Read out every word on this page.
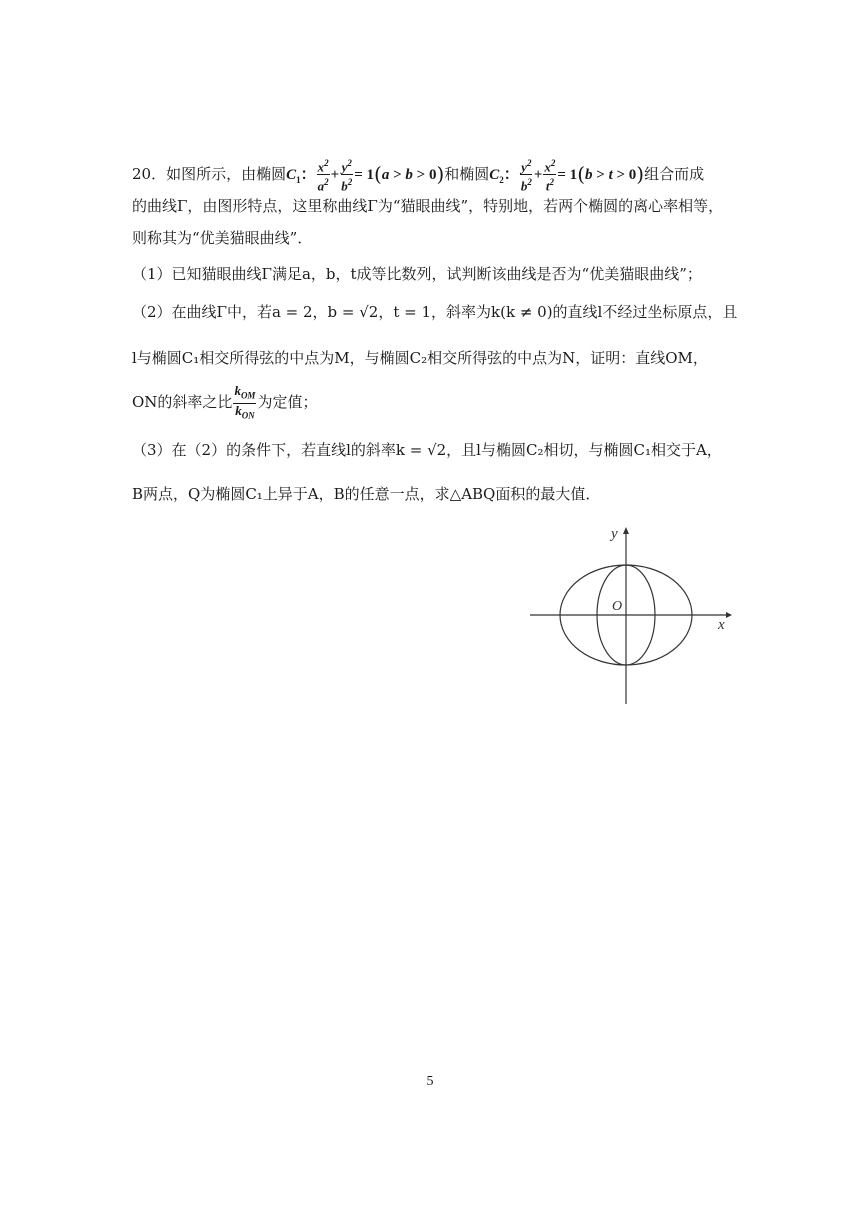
20．如图所示，由椭圆$C_1$： $\frac{x^2}{a^2} + \frac{y^2}{b^2} = 1(a > b > 0)$和椭圆$C_2$： $\frac{y^2}{b^2} + \frac{x^2}{t^2} = 1(b > t > 0)$组合而成
的曲线Γ，由图形特点，这里称曲线Γ为“猫眼曲线”，特别地，若两个椭圆的离心率相等，
则称其为“优美猫眼曲线”．
（1）已知猫眼曲线Γ满足a，b，t成等比数列，试判断该曲线是否为“优美猫眼曲线”；
（2）在曲线Γ中，若a = 2，b = √2，t = 1，斜率为k(k ≠ 0)的直线l不经过坐标原点，且
l与椭圆C₁相交所得弦的中点为M，与椭圆C₂相交所得弦的中点为N，证明：直线OM，
ON的斜率之比 $\frac{k_{OM}}{k_{ON}}$ 为定值；
（3）在（2）的条件下，若直线l的斜率k = √2，且l与椭圆C₂相切，与椭圆C₁相交于A，
B两点，Q为椭圆C₁上异于A，B的任意一点，求△ABQ面积的最大值．
y
x
O
5
